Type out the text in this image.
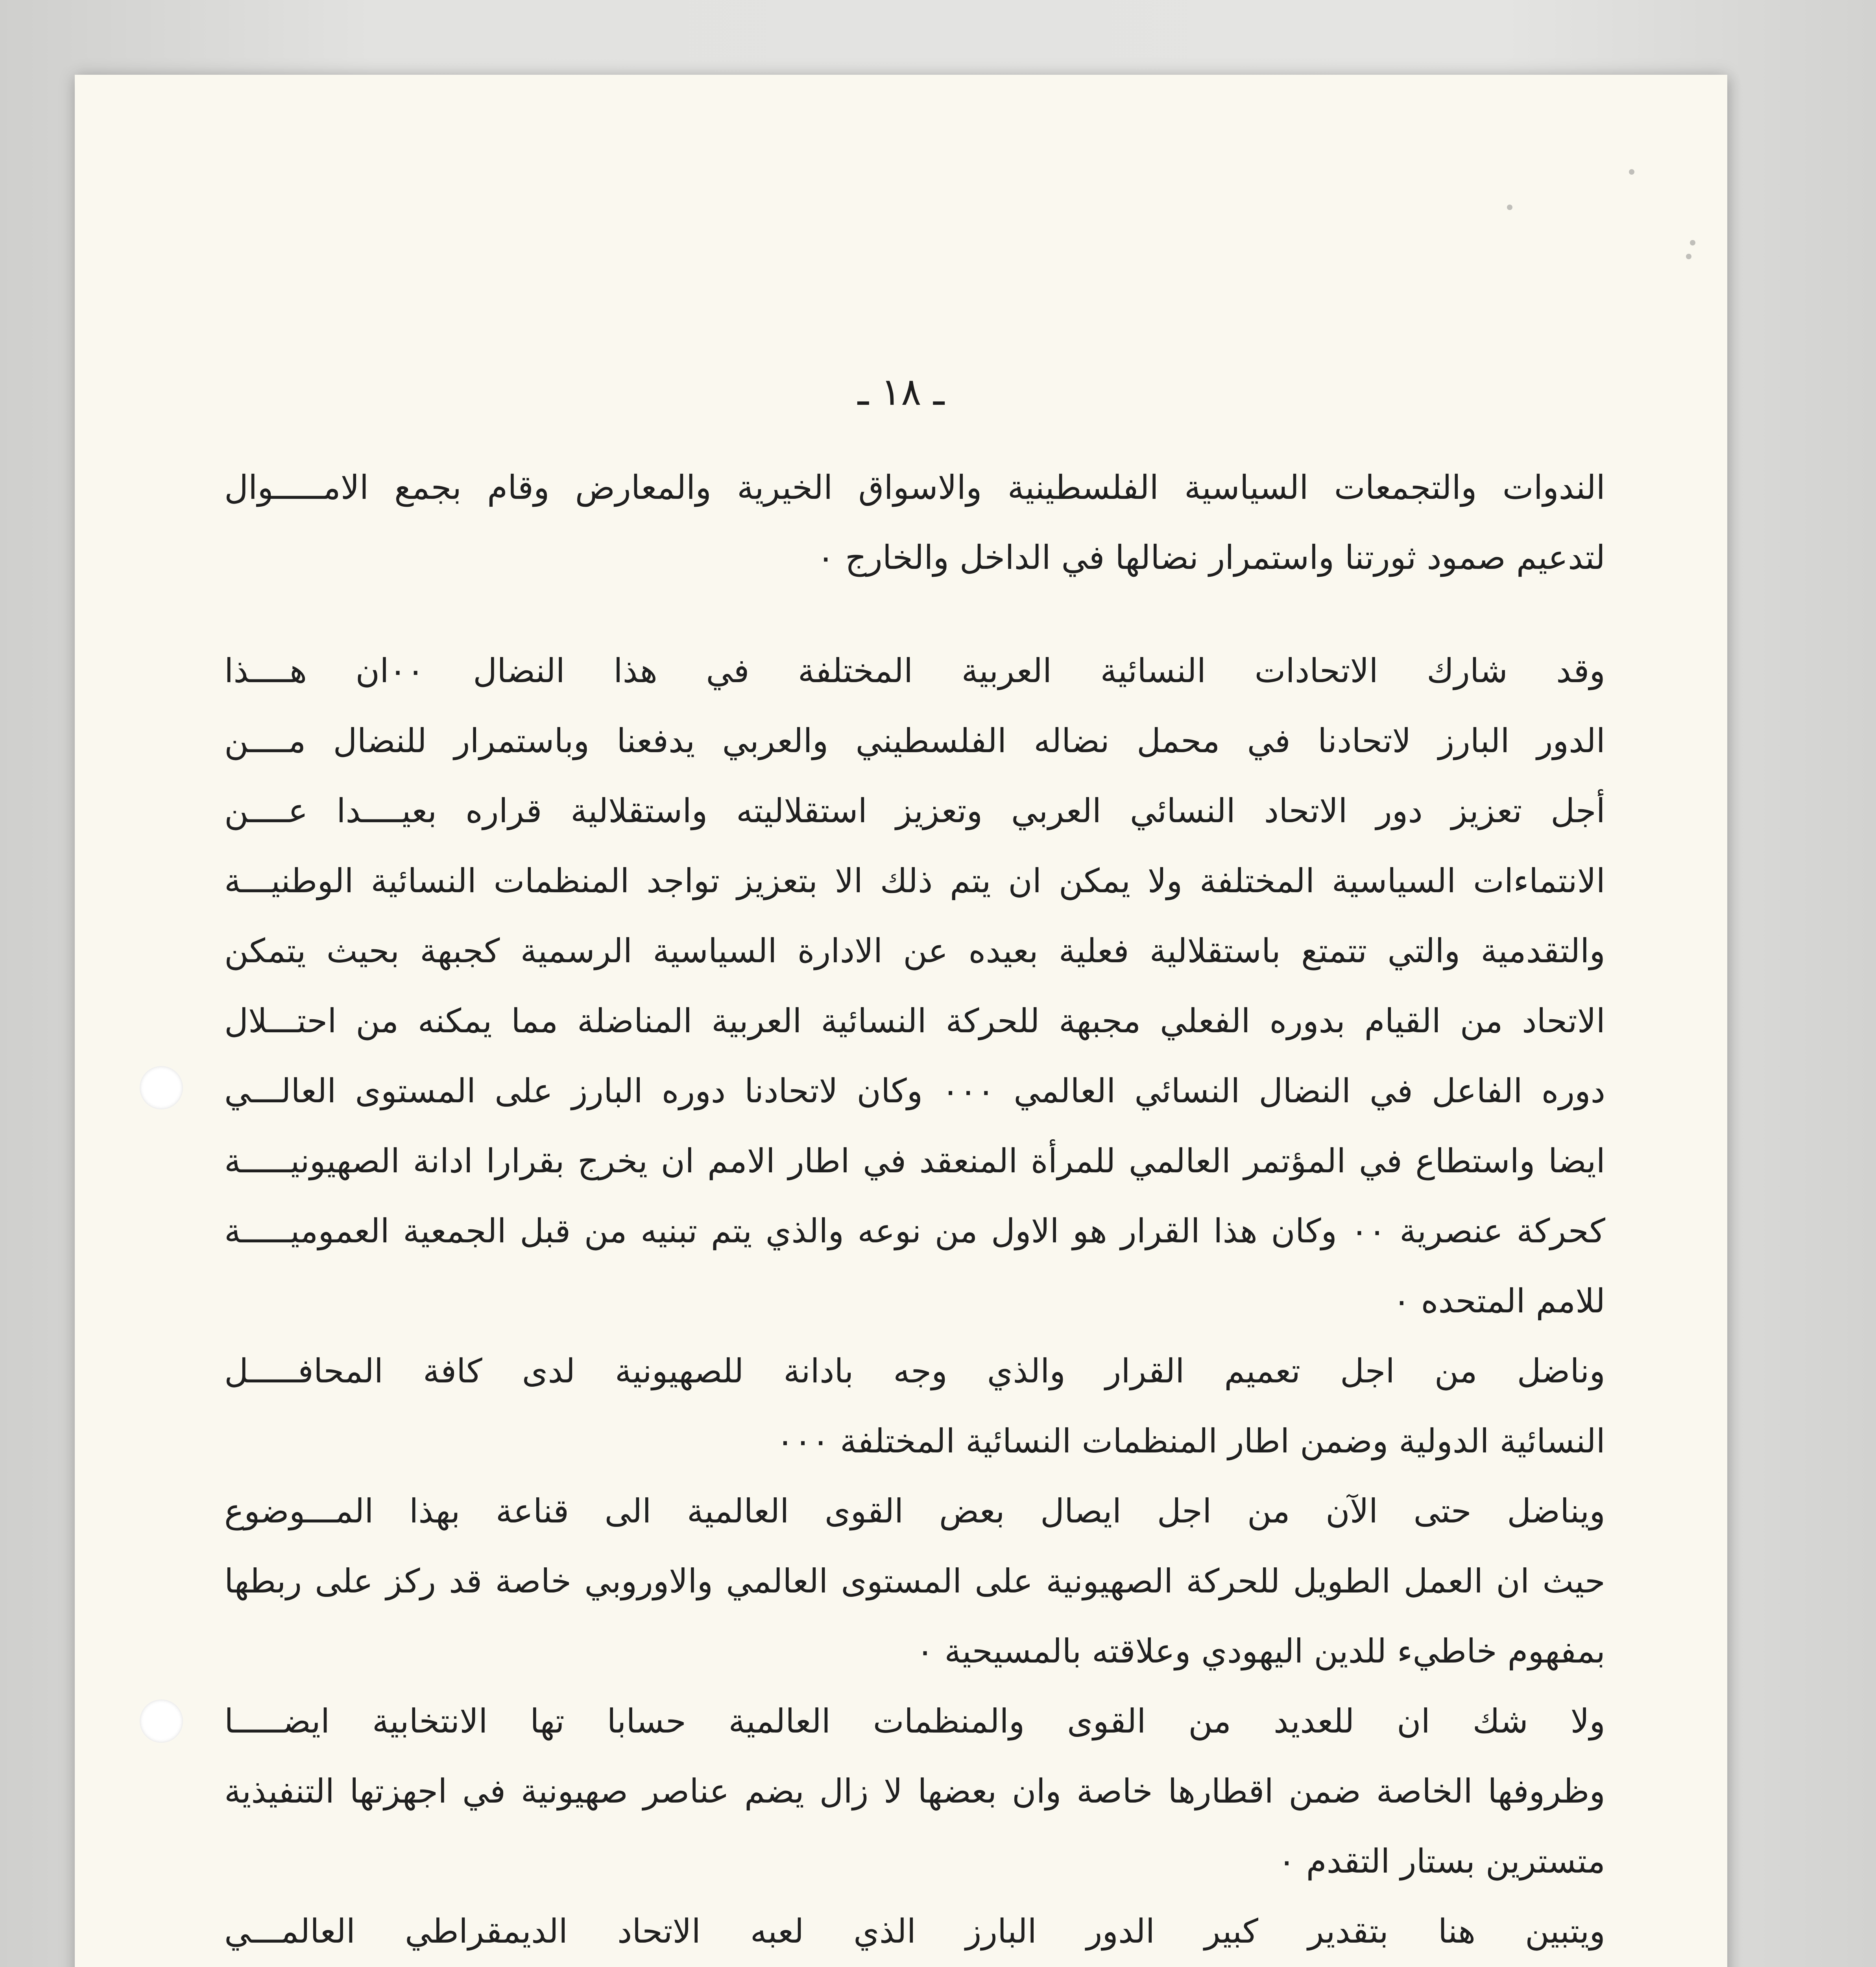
ـ ١٨ ـ
الندوات والتجمعات السياسية الفلسطينية والاسواق الخيرية والمعارض وقام بجمع الامـــــوال
لتدعيم صمود ثورتنا واستمرار نضالها في الداخل والخارج ٠
وقد شارك الاتحادات النسائية العربية المختلفة في هذا النضال ٠٠ان هــــذا
الدور البارز لاتحادنا في محمل نضاله الفلسطيني والعربي يدفعنا وباستمرار للنضال مــــن
أجل تعزيز دور الاتحاد النسائي العربي وتعزيز استقلاليته واستقلالية قراره بعيــــدا عــــن
الانتماءات السياسية المختلفة ولا يمكن ان يتم ذلك الا بتعزيز تواجد المنظمات النسائية الوطنيـــة
والتقدمية والتي تتمتع باستقلالية فعلية بعيده عن الادارة السياسية الرسمية كجبهة بحيث يتمكن
الاتحاد من القيام بدوره الفعلي مجبهة للحركة النسائية العربية المناضلة مما يمكنه من احتـــلال
دوره الفاعل في النضال النسائي العالمي ٠٠٠ وكان لاتحادنا دوره البارز على المستوى العالـــي
ايضا واستطاع في المؤتمر العالمي للمرأة المنعقد في اطار الامم ان يخرج بقرارا ادانة الصهيونيـــــة
كحركة عنصرية ٠٠ وكان هذا القرار هو الاول من نوعه والذي يتم تبنيه من قبل الجمعية العموميـــــة
للامم المتحده ٠
وناضل من اجل تعميم القرار والذي وجه بادانة للصهيونية لدى كافة المحافـــــل
النسائية الدولية وضمن اطار المنظمات النسائية المختلفة ٠٠٠
ويناضل حتى الآن من اجل ايصال بعض القوى العالمية الى قناعة بهذا المـــوضوع
حيث ان العمل الطويل للحركة الصهيونية على المستوى العالمي والاوروبي خاصة قد ركز على ربطها
بمفهوم خاطيء للدين اليهودي وعلاقته بالمسيحية ٠
ولا شك ان للعديد من القوى والمنظمات العالمية حسابا تها الانتخابية ايضـــــا
وظروفها الخاصة ضمن اقطارها خاصة وان بعضها لا زال يضم عناصر صهيونية في اجهزتها التنفيذية
متسترين بستار التقدم ٠
ويتبين هنا بتقدير كبير الدور البارز الذي لعبه الاتحاد الديمقراطي العالمـــي
